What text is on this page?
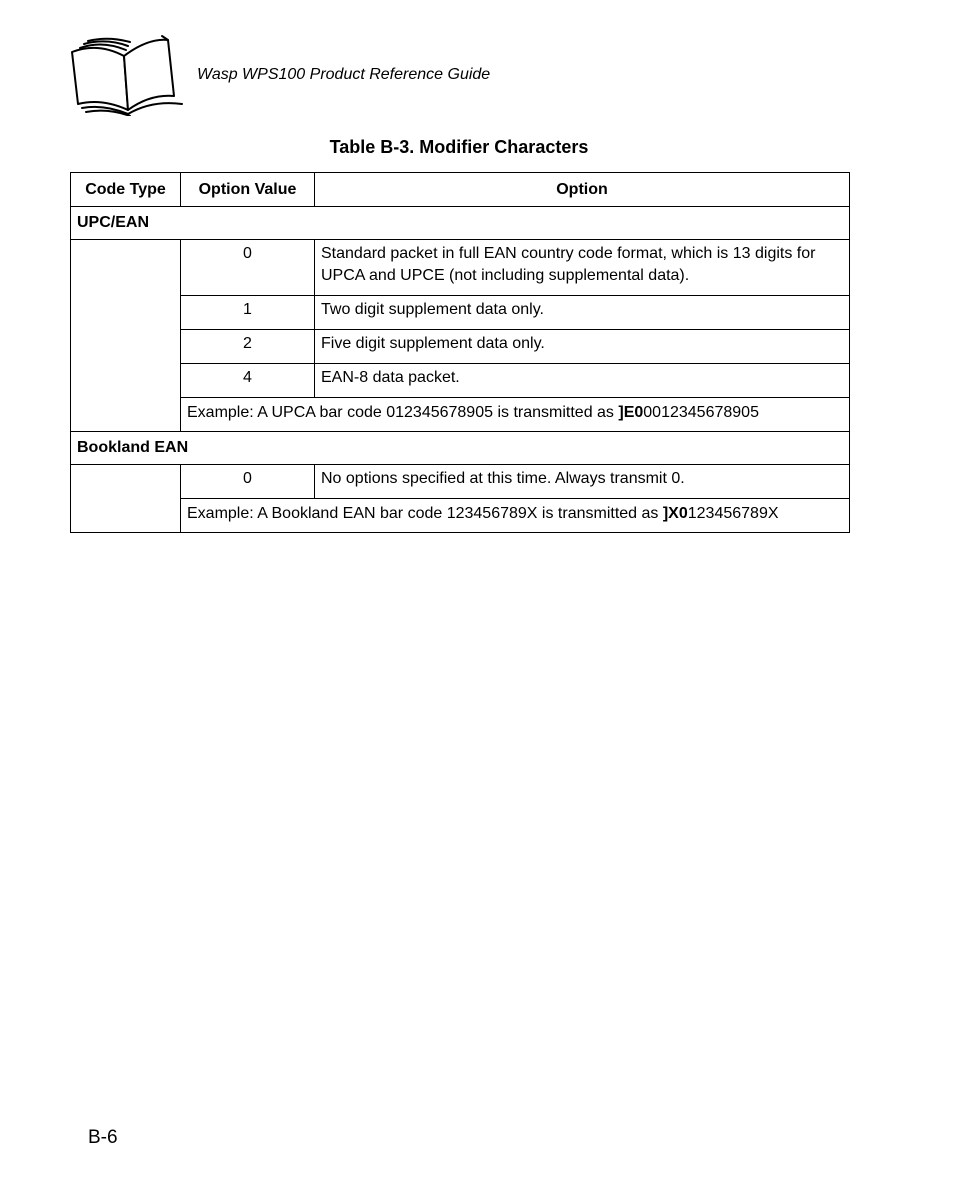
Wasp WPS100 Product Reference Guide
Table B-3. Modifier Characters
Code Type	Option Value	Option
UPC/EAN		
	0	Standard packet in full EAN country code format, which is 13 digits for UPCA and UPCE (not including supplemental data).
	1	Two digit supplement data only.
	2	Five digit supplement data only.
	4	EAN-8 data packet.
	Example: A UPCA bar code 012345678905 is transmitted as ]E00012345678905	
Bookland EAN		
	0	No options specified at this time. Always transmit 0.
	Example: A Bookland EAN bar code 123456789X is transmitted as ]X0123456789X	
B-6
